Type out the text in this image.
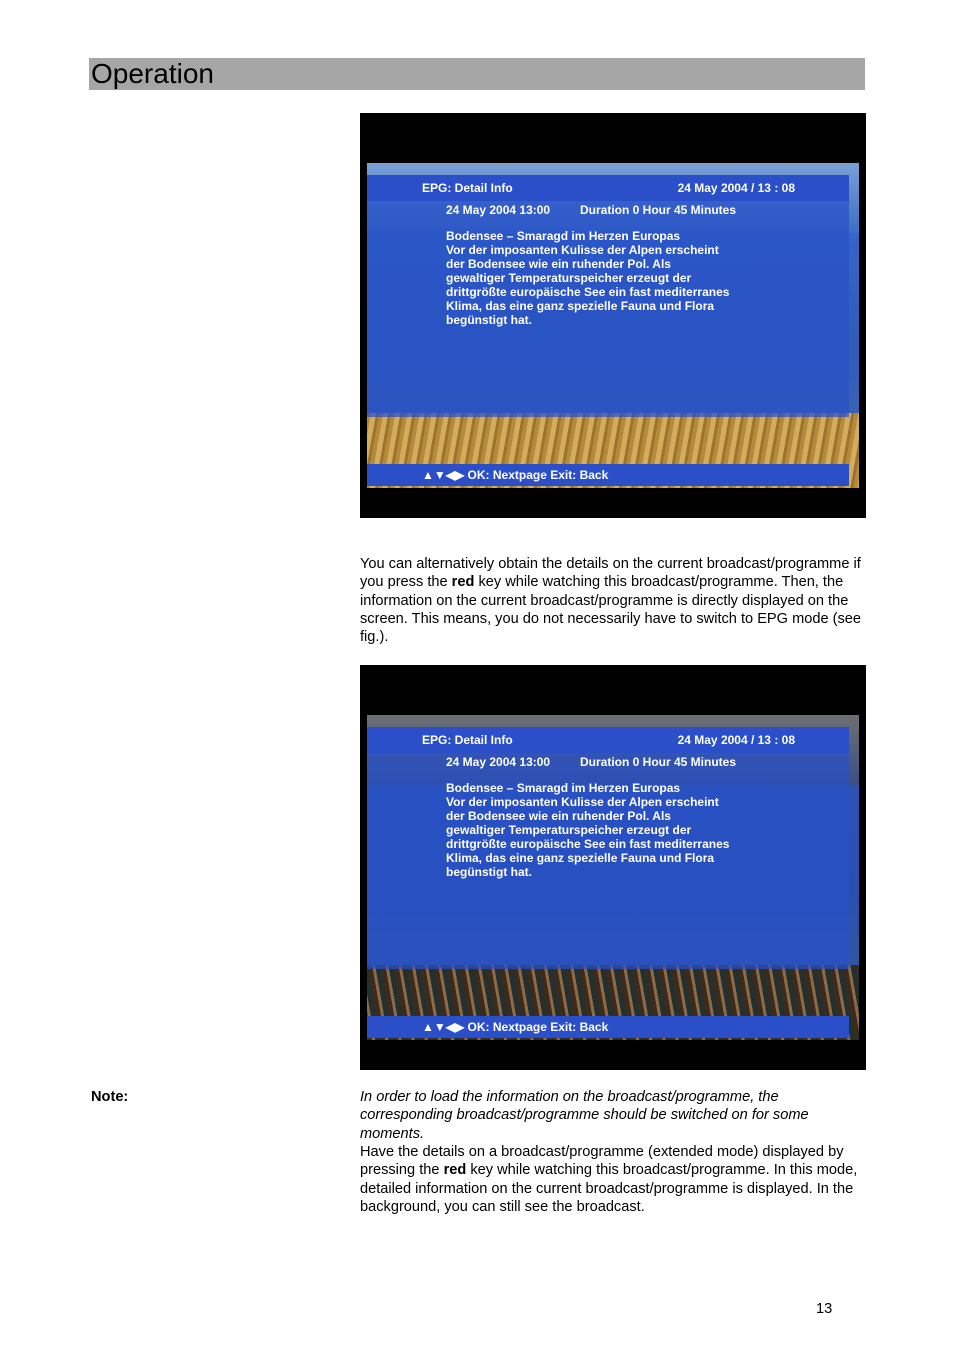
Operation
EPG: Detail Info	24 May 2004 / 13 : 08
24 May 2004 13:00 Duration 0 Hour 45 Minutes
Bodensee – Smaragd im Herzen Europas
Vor der imposanten Kulisse der Alpen erscheint
der Bodensee wie ein ruhender Pol. Als
gewaltiger Temperaturspeicher erzeugt der
drittgrößte europäische See ein fast mediterranes
Klima, das eine ganz spezielle Fauna und Flora
begünstigt hat.
▲▼◀▶ OK: Nextpage Exit: Back

You can alternatively obtain the details on the current broadcast/programme if you press the red key while watching this broadcast/programme. Then, the information on the current broadcast/programme is directly displayed on the screen. This means, you do not necessarily have to switch to EPG mode (see fig.).

EPG: Detail Info	24 May 2004 / 13 : 08
24 May 2004 13:00 Duration 0 Hour 45 Minutes
Bodensee – Smaragd im Herzen Europas
Vor der imposanten Kulisse der Alpen erscheint
der Bodensee wie ein ruhender Pol. Als
gewaltiger Temperaturspeicher erzeugt der
drittgrößte europäische See ein fast mediterranes
Klima, das eine ganz spezielle Fauna und Flora
begünstigt hat.
▲▼◀▶ OK: Nextpage Exit: Back
Note:	In order to load the information on the broadcast/programme, the corresponding broadcast/programme should be switched on for some moments.

Have the details on a broadcast/programme (extended mode) displayed by pressing the red key while watching this broadcast/programme. In this mode, detailed information on the current broadcast/programme is displayed. In the background, you can still see the broadcast.

13
